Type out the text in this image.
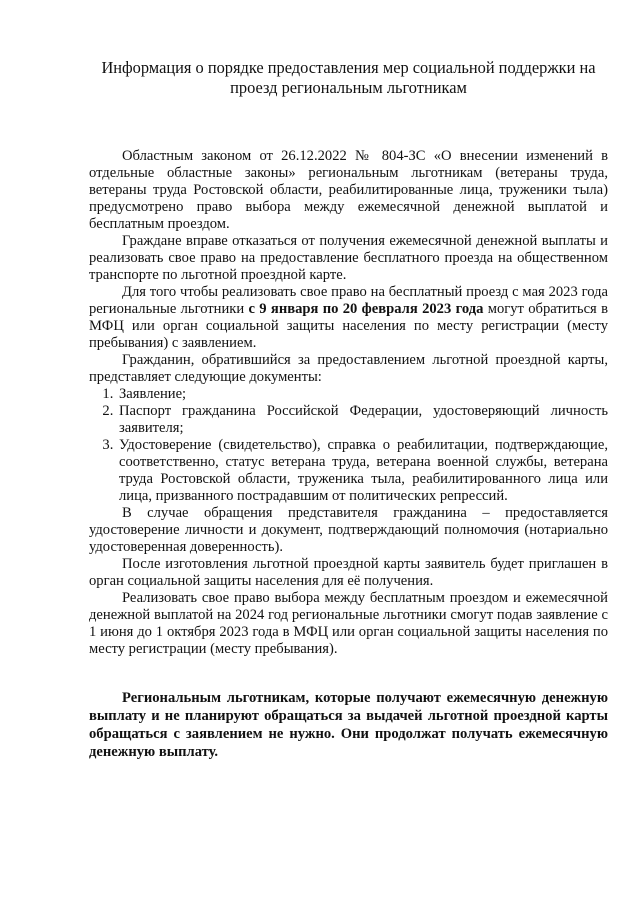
Информация о порядке предоставления мер социальной поддержки на
проезд региональным льготникам

Областным законом от 26.12.2022 № 804-ЗС «О внесении изменений в отдельные областные законы» региональным льготникам (ветераны труда, ветераны труда Ростовской области, реабилитированные лица, труженики тыла) предусмотрено право выбора между ежемесячной денежной выплатой и бесплатным проездом.

Граждане вправе отказаться от получения ежемесячной денежной выплаты и реализовать свое право на предоставление бесплатного проезда на общественном транспорте по льготной проездной карте.

Для того чтобы реализовать свое право на бесплатный проезд с мая 2023 года региональные льготники с 9 января по 20 февраля 2023 года могут обратиться в МФЦ или орган социальной защиты населения по месту регистрации (месту пребывания) с заявлением.

Гражданин, обратившийся за предоставлением льготной проездной карты, представляет следующие документы:

1. Заявление;
2. Паспорт гражданина Российской Федерации, удостоверяющий личность заявителя;
3. Удостоверение (свидетельство), справка о реабилитации, подтверждающие, соответственно, статус ветерана труда, ветерана военной службы, ветерана труда Ростовской области, труженика тыла, реабилитированного лица или лица, призванного пострадавшим от политических репрессий.

В случае обращения представителя гражданина – предоставляется удостоверение личности и документ, подтверждающий полномочия (нотариально удостоверенная доверенность).

После изготовления льготной проездной карты заявитель будет приглашен в орган социальной защиты населения для её получения.

Реализовать свое право выбора между бесплатным проездом и ежемесячной денежной выплатой на 2024 год региональные льготники смогут подав заявление с 1 июня до 1 октября 2023 года в МФЦ или орган социальной защиты населения по месту регистрации (месту пребывания).

Региональным льготникам, которые получают ежемесячную денежную выплату и не планируют обращаться за выдачей льготной проездной карты обращаться с заявлением не нужно. Они продолжат получать ежемесячную денежную выплату.
